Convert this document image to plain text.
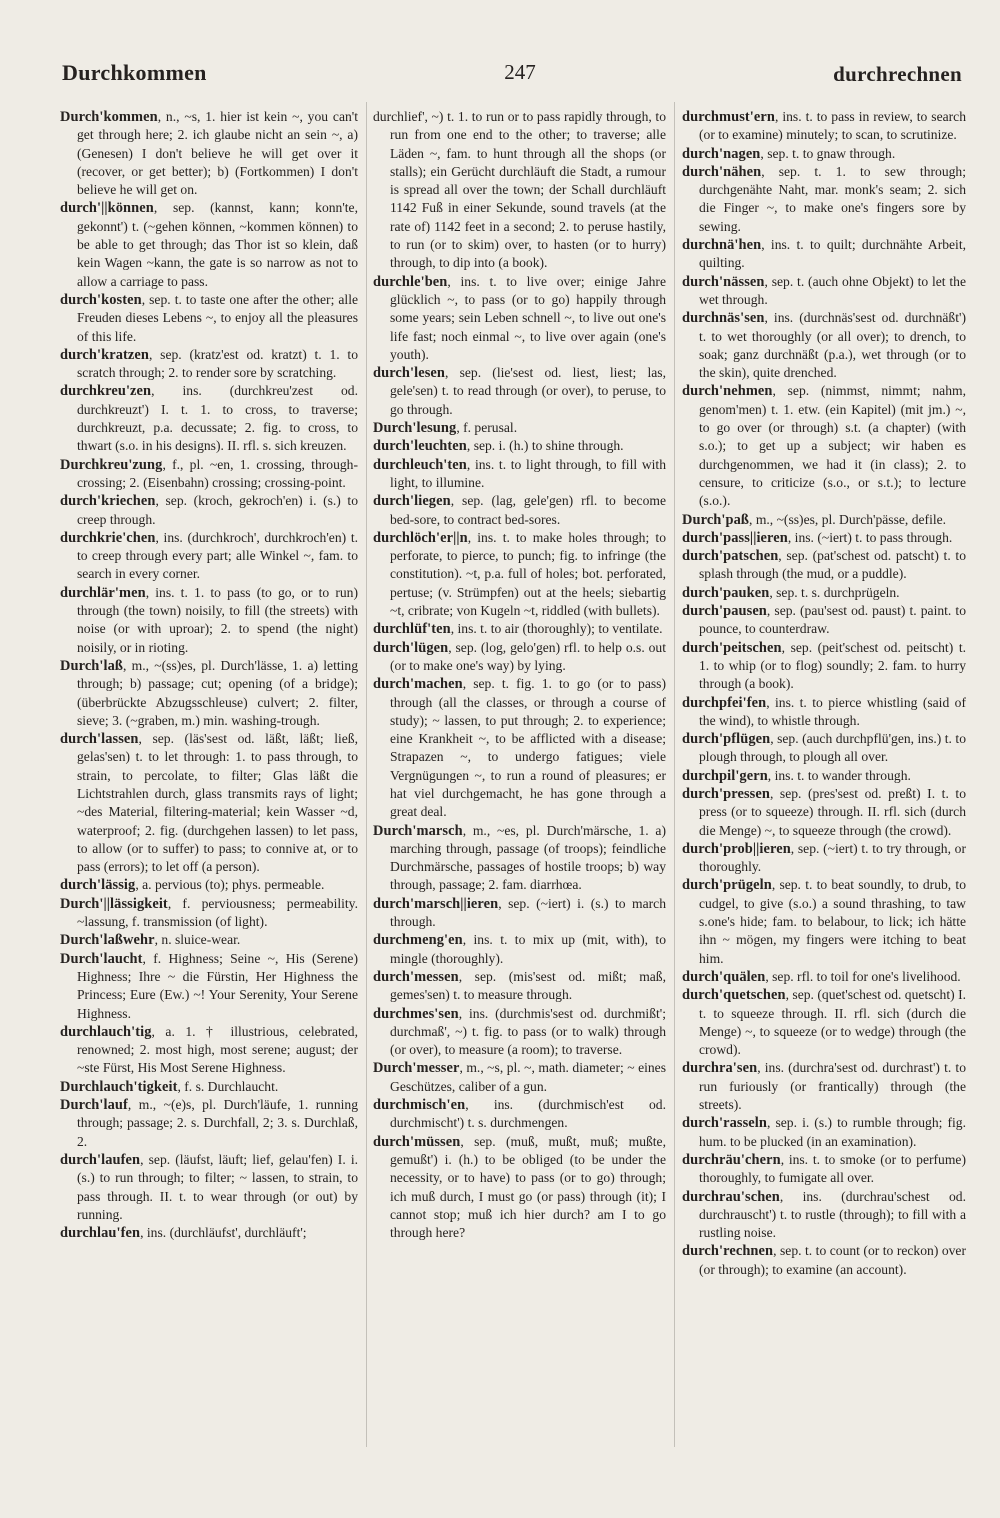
Durchkommen	247	durchrechnen
Durch'kommen, n., ~s, 1. hier ist kein ~, you can't get through here; 2. ich glaube nicht an sein ~, a) (Genesen) I don't believe he will get over it (recover, or get better); b) (Fortkommen) I don't believe he will get on.
durch'||können, sep. (kannst, kann; konn'te, gekonnt') t. (~gehen können, ~kommen können) to be able to get through; das Thor ist so klein, daß kein Wagen ~kann, the gate is so narrow as not to allow a carriage to pass.
durch'kosten, sep. t. to taste one after the other; alle Freuden dieses Lebens ~, to enjoy all the pleasures of this life.
durch'kratzen, sep. (kratz'est od. kratzt) t. 1. to scratch through; 2. to render sore by scratching.
durchkreu'zen, ins. (durchkreu'zest od. durchkreuzt') I. t. 1. to cross, to traverse; durchkreuzt, p.a. decussate; 2. fig. to cross, to thwart (s.o. in his designs). II. rfl. s. sich kreuzen.
Durchkreu'zung, f., pl. ~en, 1. crossing, through-crossing; 2. (Eisenbahn) crossing; crossing-point.
durch'kriechen, sep. (kroch, gekroch'en) i. (s.) to creep through.
durchkrie'chen, ins. (durchkroch', durchkroch'en) t. to creep through every part; alle Winkel ~, fam. to search in every corner.
durchlär'men, ins. t. 1. to pass (to go, or to run) through (the town) noisily, to fill (the streets) with noise (or with uproar); 2. to spend (the night) noisily, or in rioting.
Durch'laß, m., ~(ss)es, pl. Durch'lässe, 1. a) letting through; b) passage; cut; opening (of a bridge); (überbrückte Abzugsschleuse) culvert; 2. filter, sieve; 3. (~graben, m.) min. washing-trough.
durch'lassen, sep. (läs'sest od. läßt, läßt; ließ, gelas'sen) t. to let through: 1. to pass through, to strain, to percolate, to filter; Glas läßt die Lichtstrahlen durch, glass transmits rays of light; ~des Material, filtering-material; kein Wasser ~d, waterproof; 2. fig. (durchgehen lassen) to let pass, to allow (or to suffer) to pass; to connive at, or to pass (errors); to let off (a person).
durch'lässig, a. pervious (to); phys. permeable.
Durch'||lässigkeit, f. perviousness; permeability. ~lassung, f. transmission (of light).
Durch'laßwehr, n. sluice-wear.
Durch'laucht, f. Highness; Seine ~, His (Serene) Highness; Ihre ~ die Fürstin, Her Highness the Princess; Eure (Ew.) ~! Your Serenity, Your Serene Highness.
durchlauch'tig, a. 1. † illustrious, celebrated, renowned; 2. most high, most serene; august; der ~ste Fürst, His Most Serene Highness.
Durchlauch'tigkeit, f. s. Durchlaucht.
Durch'lauf, m., ~(e)s, pl. Durch'läufe, 1. running through; passage; 2. s. Durchfall, 2; 3. s. Durchlaß, 2.
durch'laufen, sep. (läufst, läuft; lief, gelau'fen) I. i. (s.) to run through; to filter; ~ lassen, to strain, to pass through. II. t. to wear through (or out) by running.
durchlau'fen, ins. (durchläufst', durchläuft';
durchlief', ~) t. 1. to run or to pass rapidly through, to run from one end to the other; to traverse; alle Läden ~, fam. to hunt through all the shops (or stalls); ein Gerücht durchläuft die Stadt, a rumour is spread all over the town; der Schall durchläuft 1142 Fuß in einer Sekunde, sound travels (at the rate of) 1142 feet in a second; 2. to peruse hastily, to run (or to skim) over, to hasten (or to hurry) through, to dip into (a book).
durchle'ben, ins. t. to live over; einige Jahre glücklich ~, to pass (or to go) happily through some years; sein Leben schnell ~, to live out one's life fast; noch einmal ~, to live over again (one's youth).
durch'lesen, sep. (lie'sest od. liest, liest; las, gele'sen) t. to read through (or over), to peruse, to go through.
Durch'lesung, f. perusal.
durch'leuchten, sep. i. (h.) to shine through.
durchleuch'ten, ins. t. to light through, to fill with light, to illumine.
durch'liegen, sep. (lag, gele'gen) rfl. to become bed-sore, to contract bed-sores.
durchlöch'er||n, ins. t. to make holes through; to perforate, to pierce, to punch; fig. to infringe (the constitution). ~t, p.a. full of holes; bot. perforated, pertuse; (v. Strümpfen) out at the heels; siebartig ~t, cribrate; von Kugeln ~t, riddled (with bullets).
durchlüf'ten, ins. t. to air (thoroughly); to ventilate.
durch'lügen, sep. (log, gelo'gen) rfl. to help o.s. out (or to make one's way) by lying.
durch'machen, sep. t. fig. 1. to go (or to pass) through (all the classes, or through a course of study); ~ lassen, to put through; 2. to experience; eine Krankheit ~, to be afflicted with a disease; Strapazen ~, to undergo fatigues; viele Vergnügungen ~, to run a round of pleasures; er hat viel durchgemacht, he has gone through a great deal.
Durch'marsch, m., ~es, pl. Durch'märsche, 1. a) marching through, passage (of troops); feindliche Durchmärsche, passages of hostile troops; b) way through, passage; 2. fam. diarrhœa.
durch'marsch||ieren, sep. (~iert) i. (s.) to march through.
durchmeng'en, ins. t. to mix up (mit, with), to mingle (thoroughly).
durch'messen, sep. (mis'sest od. mißt; maß, gemes'sen) t. to measure through.
durchmes'sen, ins. (durchmis'sest od. durchmißt'; durchmaß', ~) t. fig. to pass (or to walk) through (or over), to measure (a room); to traverse.
Durch'messer, m., ~s, pl. ~, math. diameter; ~ eines Geschützes, caliber of a gun.
durchmisch'en, ins. (durchmisch'est od. durchmischt') t. s. durchmengen.
durch'müssen, sep. (muß, mußt, muß; mußte, gemußt') i. (h.) to be obliged (to be under the necessity, or to have) to pass (or to go) through; ich muß durch, I must go (or pass) through (it); I cannot stop; muß ich hier durch? am I to go through here?
durchmust'ern, ins. t. to pass in review, to search (or to examine) minutely; to scan, to scrutinize.
durch'nagen, sep. t. to gnaw through.
durch'nähen, sep. t. 1. to sew through; durchgenähte Naht, mar. monk's seam; 2. sich die Finger ~, to make one's fingers sore by sewing.
durchnä'hen, ins. t. to quilt; durchnähte Arbeit, quilting.
durch'nässen, sep. t. (auch ohne Objekt) to let the wet through.
durchnäs'sen, ins. (durchnäs'sest od. durchnäßt') t. to wet thoroughly (or all over); to drench, to soak; ganz durchnäßt (p.a.), wet through (or to the skin), quite drenched.
durch'nehmen, sep. (nimmst, nimmt; nahm, genom'men) t. 1. etw. (ein Kapitel) (mit jm.) ~, to go over (or through) s.t. (a chapter) (with s.o.); to get up a subject; wir haben es durchgenommen, we had it (in class); 2. to censure, to criticize (s.o., or s.t.); to lecture (s.o.).
Durch'paß, m., ~(ss)es, pl. Durch'pässe, defile.
durch'pass||ieren, ins. (~iert) t. to pass through.
durch'patschen, sep. (pat'schest od. patscht) t. to splash through (the mud, or a puddle).
durch'pauken, sep. t. s. durchprügeln.
durch'pausen, sep. (pau'sest od. paust) t. paint. to pounce, to counterdraw.
durch'peitschen, sep. (peit'schest od. peitscht) t. 1. to whip (or to flog) soundly; 2. fam. to hurry through (a book).
durchpfei'fen, ins. t. to pierce whistling (said of the wind), to whistle through.
durch'pflügen, sep. (auch durchpflü'gen, ins.) t. to plough through, to plough all over.
durchpil'gern, ins. t. to wander through.
durch'pressen, sep. (pres'sest od. preßt) I. t. to press (or to squeeze) through. II. rfl. sich (durch die Menge) ~, to squeeze through (the crowd).
durch'prob||ieren, sep. (~iert) t. to try through, or thoroughly.
durch'prügeln, sep. t. to beat soundly, to drub, to cudgel, to give (s.o.) a sound thrashing, to taw s.one's hide; fam. to belabour, to lick; ich hätte ihn ~ mögen, my fingers were itching to beat him.
durch'quälen, sep. rfl. to toil for one's livelihood.
durch'quetschen, sep. (quet'schest od. quetscht) I. t. to squeeze through. II. rfl. sich (durch die Menge) ~, to squeeze (or to wedge) through (the crowd).
durchra'sen, ins. (durchra'sest od. durchrast') t. to run furiously (or frantically) through (the streets).
durch'rasseln, sep. i. (s.) to rumble through; fig. hum. to be plucked (in an examination).
durchräu'chern, ins. t. to smoke (or to perfume) thoroughly, to fumigate all over.
durchrau'schen, ins. (durchrau'schest od. durchrauscht') t. to rustle (through); to fill with a rustling noise.
durch'rechnen, sep. t. to count (or to reckon) over (or through); to examine (an account).
